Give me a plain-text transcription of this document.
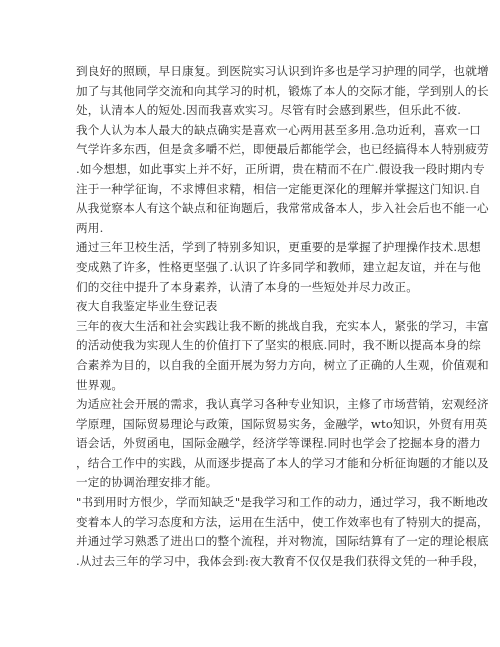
到良好的照顾，早日康复。到医院实习认识到许多也是学习护理的同学，也就增
加了与其他同学交流和向其学习的时机，锻炼了本人的交际才能，学到别人的长
处，认清本人的短处.因而我喜欢实习。尽管有时会感到累些，但乐此不彼.
我个人认为本人最大的缺点确实是喜欢一心两用甚至多用.急功近利，喜欢一口
气学许多东西，但是贪多嚼不烂，即便最后都能学会，也已经搞得本人特别疲劳
.如今想想，如此事实上并不好，正所谓，贵在精而不在广.假设我一段时期内专
注于一种学征询，不求博但求精，相信一定能更深化的理解并掌握这门知识.自
从我觉察本人有这个缺点和征询题后，我常常成备本人，步入社会后也不能一心
两用.
通过三年卫校生活，学到了特别多知识，更重要的是掌握了护理操作技术.思想
变成熟了许多，性格更坚强了.认识了许多同学和教师，建立起友谊，并在与他
们的交往中提升了本身素养，认清了本身的一些短处并尽力改正。
夜大自我鉴定毕业生登记表
三年的夜大生活和社会实践让我不断的挑战自我，充实本人，紧张的学习，丰富
的活动使我为实现人生的价值打下了坚实的根底.同时，我不断以提高本身的综
合素养为目的，以自我的全面开展为努力方向，树立了正确的人生观，价值观和
世界观。
为适应社会开展的需求，我认真学习各种专业知识，主修了市场营销，宏观经济
学原理，国际贸易理论与政策，国际贸易实务，金融学，wto知识，外贸有用英
语会话，外贸函电，国际金融学，经济学等课程.同时也学会了挖掘本身的潜力
，结合工作中的实践，从而逐步提高了本人的学习才能和分析征询题的才能以及
一定的协调治理安排才能。
"书到用时方恨少，学而知缺乏"是我学习和工作的动力，通过学习，我不断地改
变着本人的学习态度和方法，运用在生活中，使工作效率也有了特别大的提高，
并通过学习熟悉了进出口的整个流程，并对物流，国际结算有了一定的理论根底
.从过去三年的学习中，我体会到:夜大教育不仅仅是我们获得文凭的一种手段，
